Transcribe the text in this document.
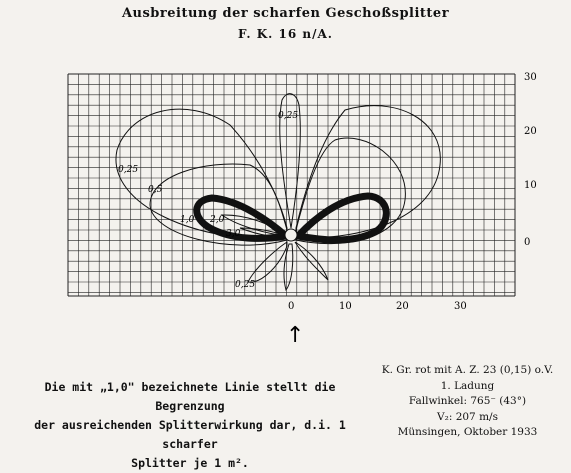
Ausbreitung der scharfen Geschoßsplitter
F. K. 16 n/A.
0,25
0,25
0,5
1,0 2,0
3,0
0,25
0	10	20	30
30
20
10
0
↑
Die mit „1,0" bezeichnete Linie stellt die Begrenzung
der ausreichenden Splitterwirkung dar, d.i. 1 scharfer
Splitter je 1 m².
K. Gr. rot mit A. Z. 23 (0,15) o.V.
1. Ladung
Fallwinkel: 765⁻ (43°)
V₂: 207 m/s
Münsingen, Oktober 1933
